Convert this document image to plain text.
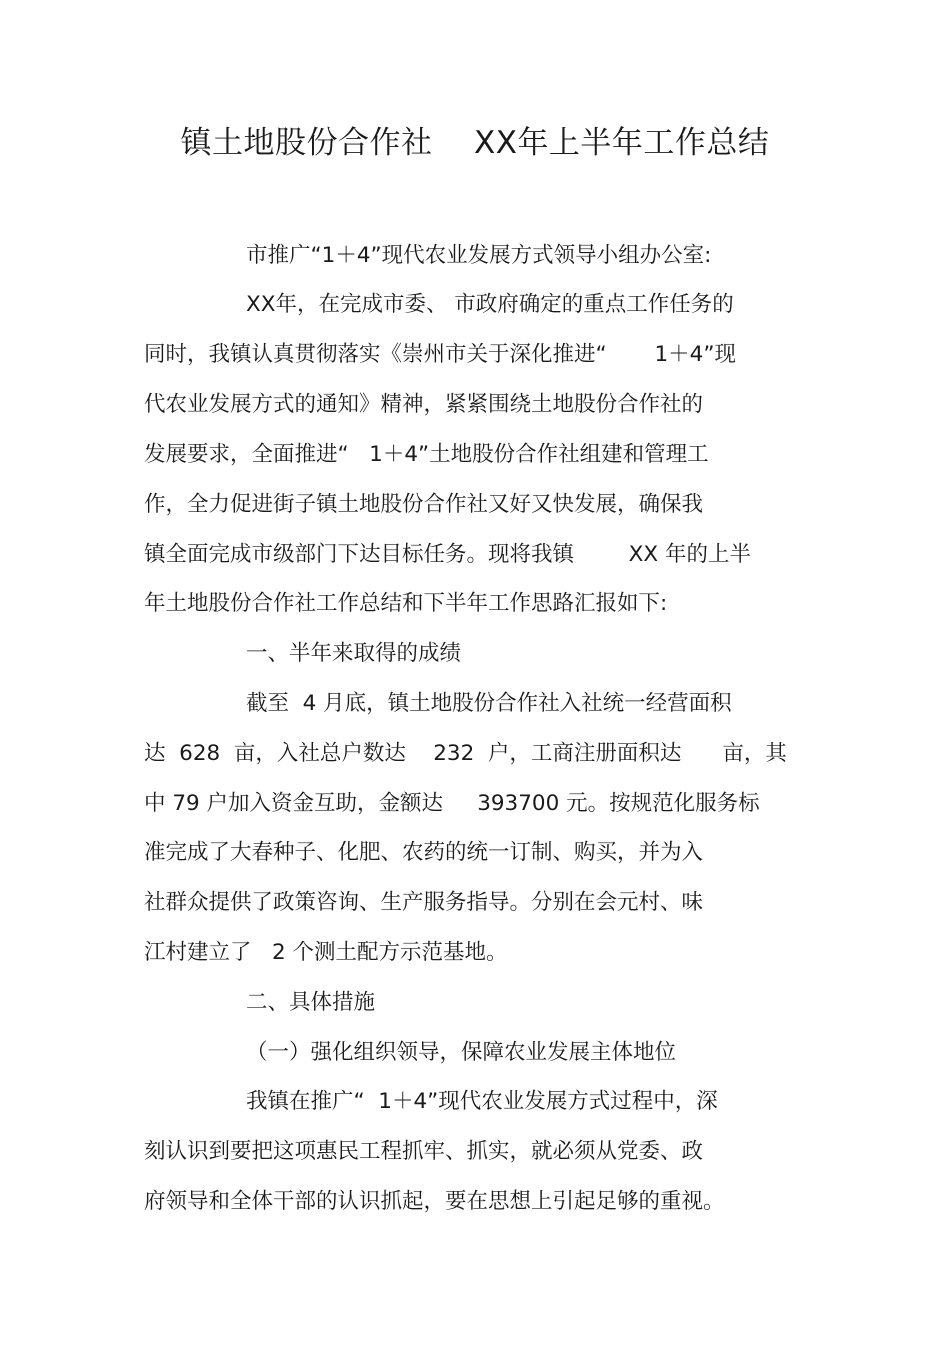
镇土地股份合作社    XX年上半年工作总结
市推广“1＋4”现代农业发展方式领导小组办公室:
XX年，在完成市委、 市政府确定的重点工作任务的
同时，我镇认真贯彻落实《崇州市关于深化推进“       1＋4”现
代农业发展方式的通知》精神，紧紧围绕土地股份合作社的
发展要求，全面推进“   1＋4”土地股份合作社组建和管理工
作，全力促进街子镇土地股份合作社又好又快发展，确保我
镇全面完成市级部门下达目标任务。现将我镇        XX 年的上半
年土地股份合作社工作总结和下半年工作思路汇报如下:
一、半年来取得的成绩
截至  4 月底，镇土地股份合作社入社统一经营面积
达  628  亩，入社总户数达    232  户，工商注册面积达      亩，其
中 79 户加入资金互助，金额达     393700 元。按规范化服务标
准完成了大春种子、化肥、农药的统一订制、购买，并为入
社群众提供了政策咨询、生产服务指导。分别在会元村、味
江村建立了   2 个测土配方示范基地。
二、具体措施
（一）强化组织领导，保障农业发展主体地位
我镇在推广“  1＋4”现代农业发展方式过程中，深
刻认识到要把这项惠民工程抓牢、抓实，就必须从党委、政
府领导和全体干部的认识抓起，要在思想上引起足够的重视。
